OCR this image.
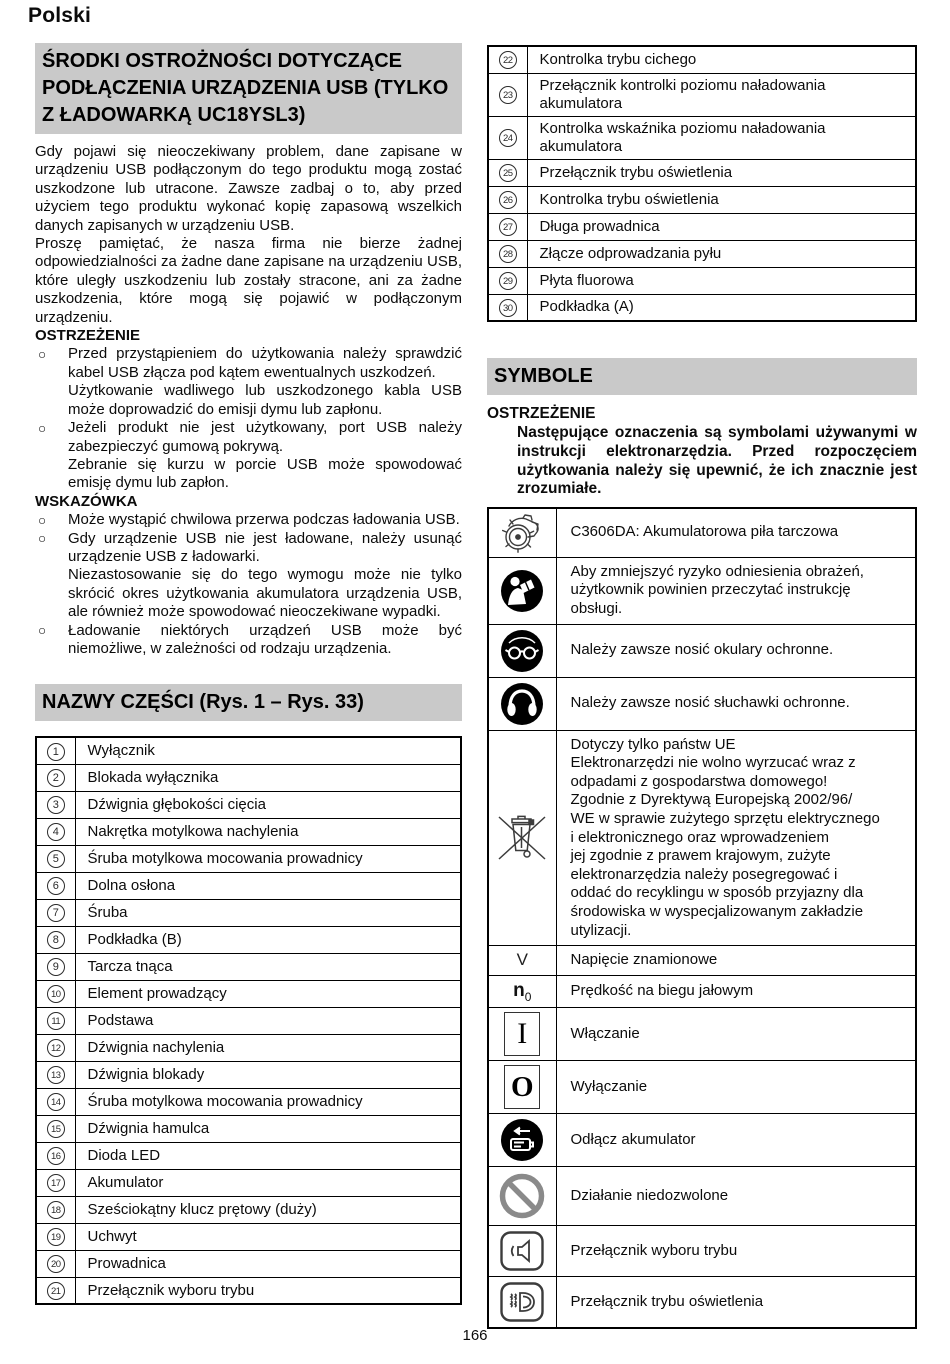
Polski
ŚRODKI OSTROŻNOŚCI DOTYCZĄCE PODŁĄCZENIA URZĄDZENIA USB (TYLKO Z ŁADOWARKĄ UC18YSL3)

Gdy pojawi się nieoczekiwany problem, dane zapisane w urządzeniu USB podłączonym do tego produktu mogą zostać uszkodzone lub utracone. Zawsze zadbaj o to, aby przed użyciem tego produktu wykonać kopię zapasową wszelkich danych zapisanych w urządzeniu USB.

Proszę pamiętać, że nasza firma nie bierze żadnej odpowiedzialności za żadne dane zapisane na urządzeniu USB, które uległy uszkodzeniu lub zostały stracone, ani za żadne uszkodzenia, które mogą się pojawić w podłączonym urządzeniu.

OSTRZEŻENIE
○ Przed przystąpieniem do użytkowania należy sprawdzić kabel USB złącza pod kątem ewentualnych uszkodzeń.

Użytkowanie wadliwego lub uszkodzonego kabla USB może doprowadzić do emisji dymu lub zapłonu.

○ Jeżeli produkt nie jest użytkowany, port USB należy zabezpieczyć gumową pokrywą.

Zebranie się kurzu w porcie USB może spowodować emisję dymu lub zapłon.

WSKAZÓWKA
○ Może wystąpić chwilowa przerwa podczas ładowania USB.

○ Gdy urządzenie USB nie jest ładowane, należy usunąć urządzenie USB z ładowarki.

Niezastosowanie się do tego wymogu może nie tylko skrócić okres użytkowania akumulatora urządzenia USB, ale również może spowodować nieoczekiwane wypadki.

○ Ładowanie niektórych urządzeń USB może być niemożliwe, w zależności od rodzaju urządzenia.

NAZWY CZĘŚCI (Rys. 1 – Rys. 33)
1	Wyłącznik
2	Blokada wyłącznika
3	Dźwignia głębokości cięcia
4	Nakrętka motylkowa nachylenia
5	Śruba motylkowa mocowania prowadnicy
6	Dolna osłona
7	Śruba
8	Podkładka (B)
9	Tarcza tnąca
10	Element prowadzący
11	Podstawa
12	Dźwignia nachylenia
13	Dźwignia blokady
14	Śruba motylkowa mocowania prowadnicy
15	Dźwignia hamulca
16	Dioda LED
17	Akumulator
18	Sześciokątny klucz prętowy (duży)
19	Uchwyt
20	Prowadnica
21	Przełącznik wyboru trybu
22	Kontrolka trybu cichego
23	Przełącznik kontrolki poziomu naładowania akumulatora
24	Kontrolka wskaźnika poziomu naładowania akumulatora
25	Przełącznik trybu oświetlenia
26	Kontrolka trybu oświetlenia
27	Długa prowadnica
28	Złącze odprowadzania pyłu
29	Płyta fluorowa
30	Podkładka (A)
SYMBOLE
OSTRZEŻENIE
Następujące oznaczenia są symbolami używanymi w instrukcji elektronarzędzia. Przed rozpoczęciem użytkowania należy się upewnić, że ich znacznie jest zrozumiałe.
	C3606DA: Akumulatorowa piła tarczowa

	Aby zmniejszyć ryzyko odniesienia obrażeń,
użytkownik powinien przeczytać instrukcję
obsługi.

	Należy zawsze nosić okulary ochronne.

	Należy zawsze nosić słuchawki ochronne.

	Dotyczy tylko państw UE
Elektronarzędzi nie wolno wyrzucać wraz z
odpadami z gospodarstwa domowego!
Zgodnie z Dyrektywą Europejską 2002/96/
WE w sprawie zużytego sprzętu elektrycznego
i elektronicznego oraz wprowadzeniem
jej zgodnie z prawem krajowym, zużyte
elektronarzędzia należy posegregować i
oddać do recyklingu w sposób przyjazny dla
środowiska w wyspecjalizowanym zakładzie
utylizacji.
V	Napięcie znamionowe
$n_0$	Prędkość na biegu jałowym
I	Włączanie
O	Wyłączanie

	Odłącz akumulator

	Działanie niedozwolone

	Przełącznik wyboru trybu

	Przełącznik trybu oświetlenia
166
